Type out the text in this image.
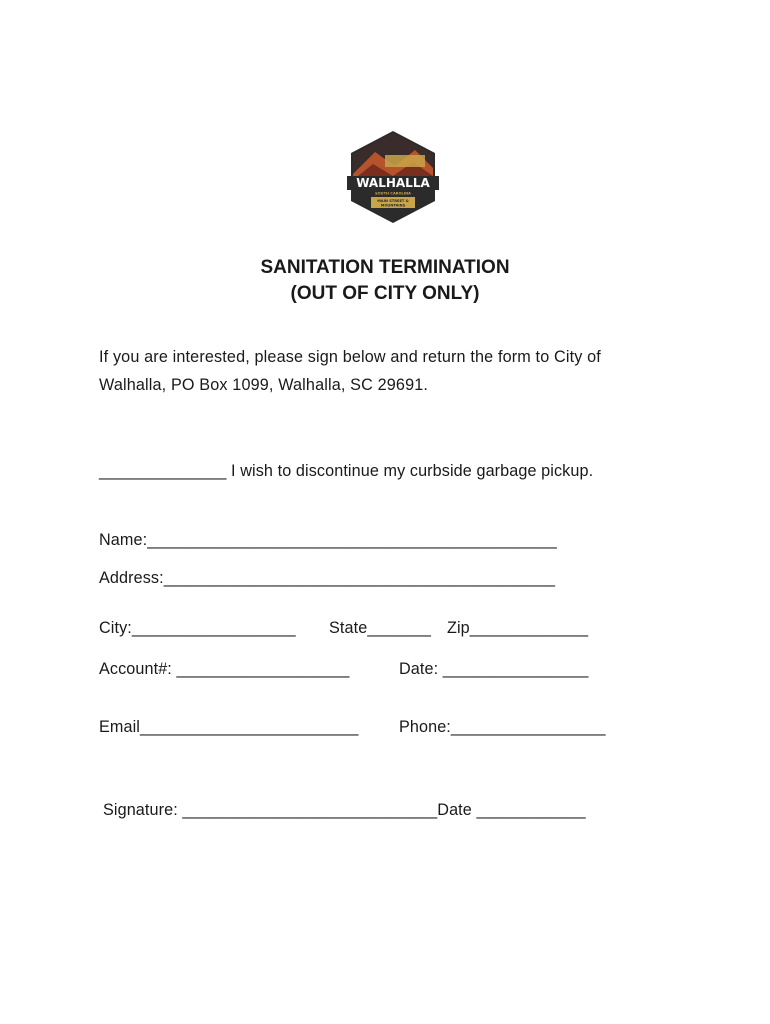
WALHALLA
SOUTH CAROLINA
MAIN STREET &
MOUNTAINS
SANITATION TERMINATION
(OUT OF CITY ONLY)
If you are interested, please sign below and return the form to City of
Walhalla, PO Box 1099, Walhalla, SC 29691.
______________ I wish to discontinue my curbside garbage pickup.
Name:_____________________________________________
Address:___________________________________________
City:__________________ State_______ Zip_____________
Account#: ___________________	Date: ________________
Email________________________	Phone:_________________
Signature: ____________________________Date ____________
